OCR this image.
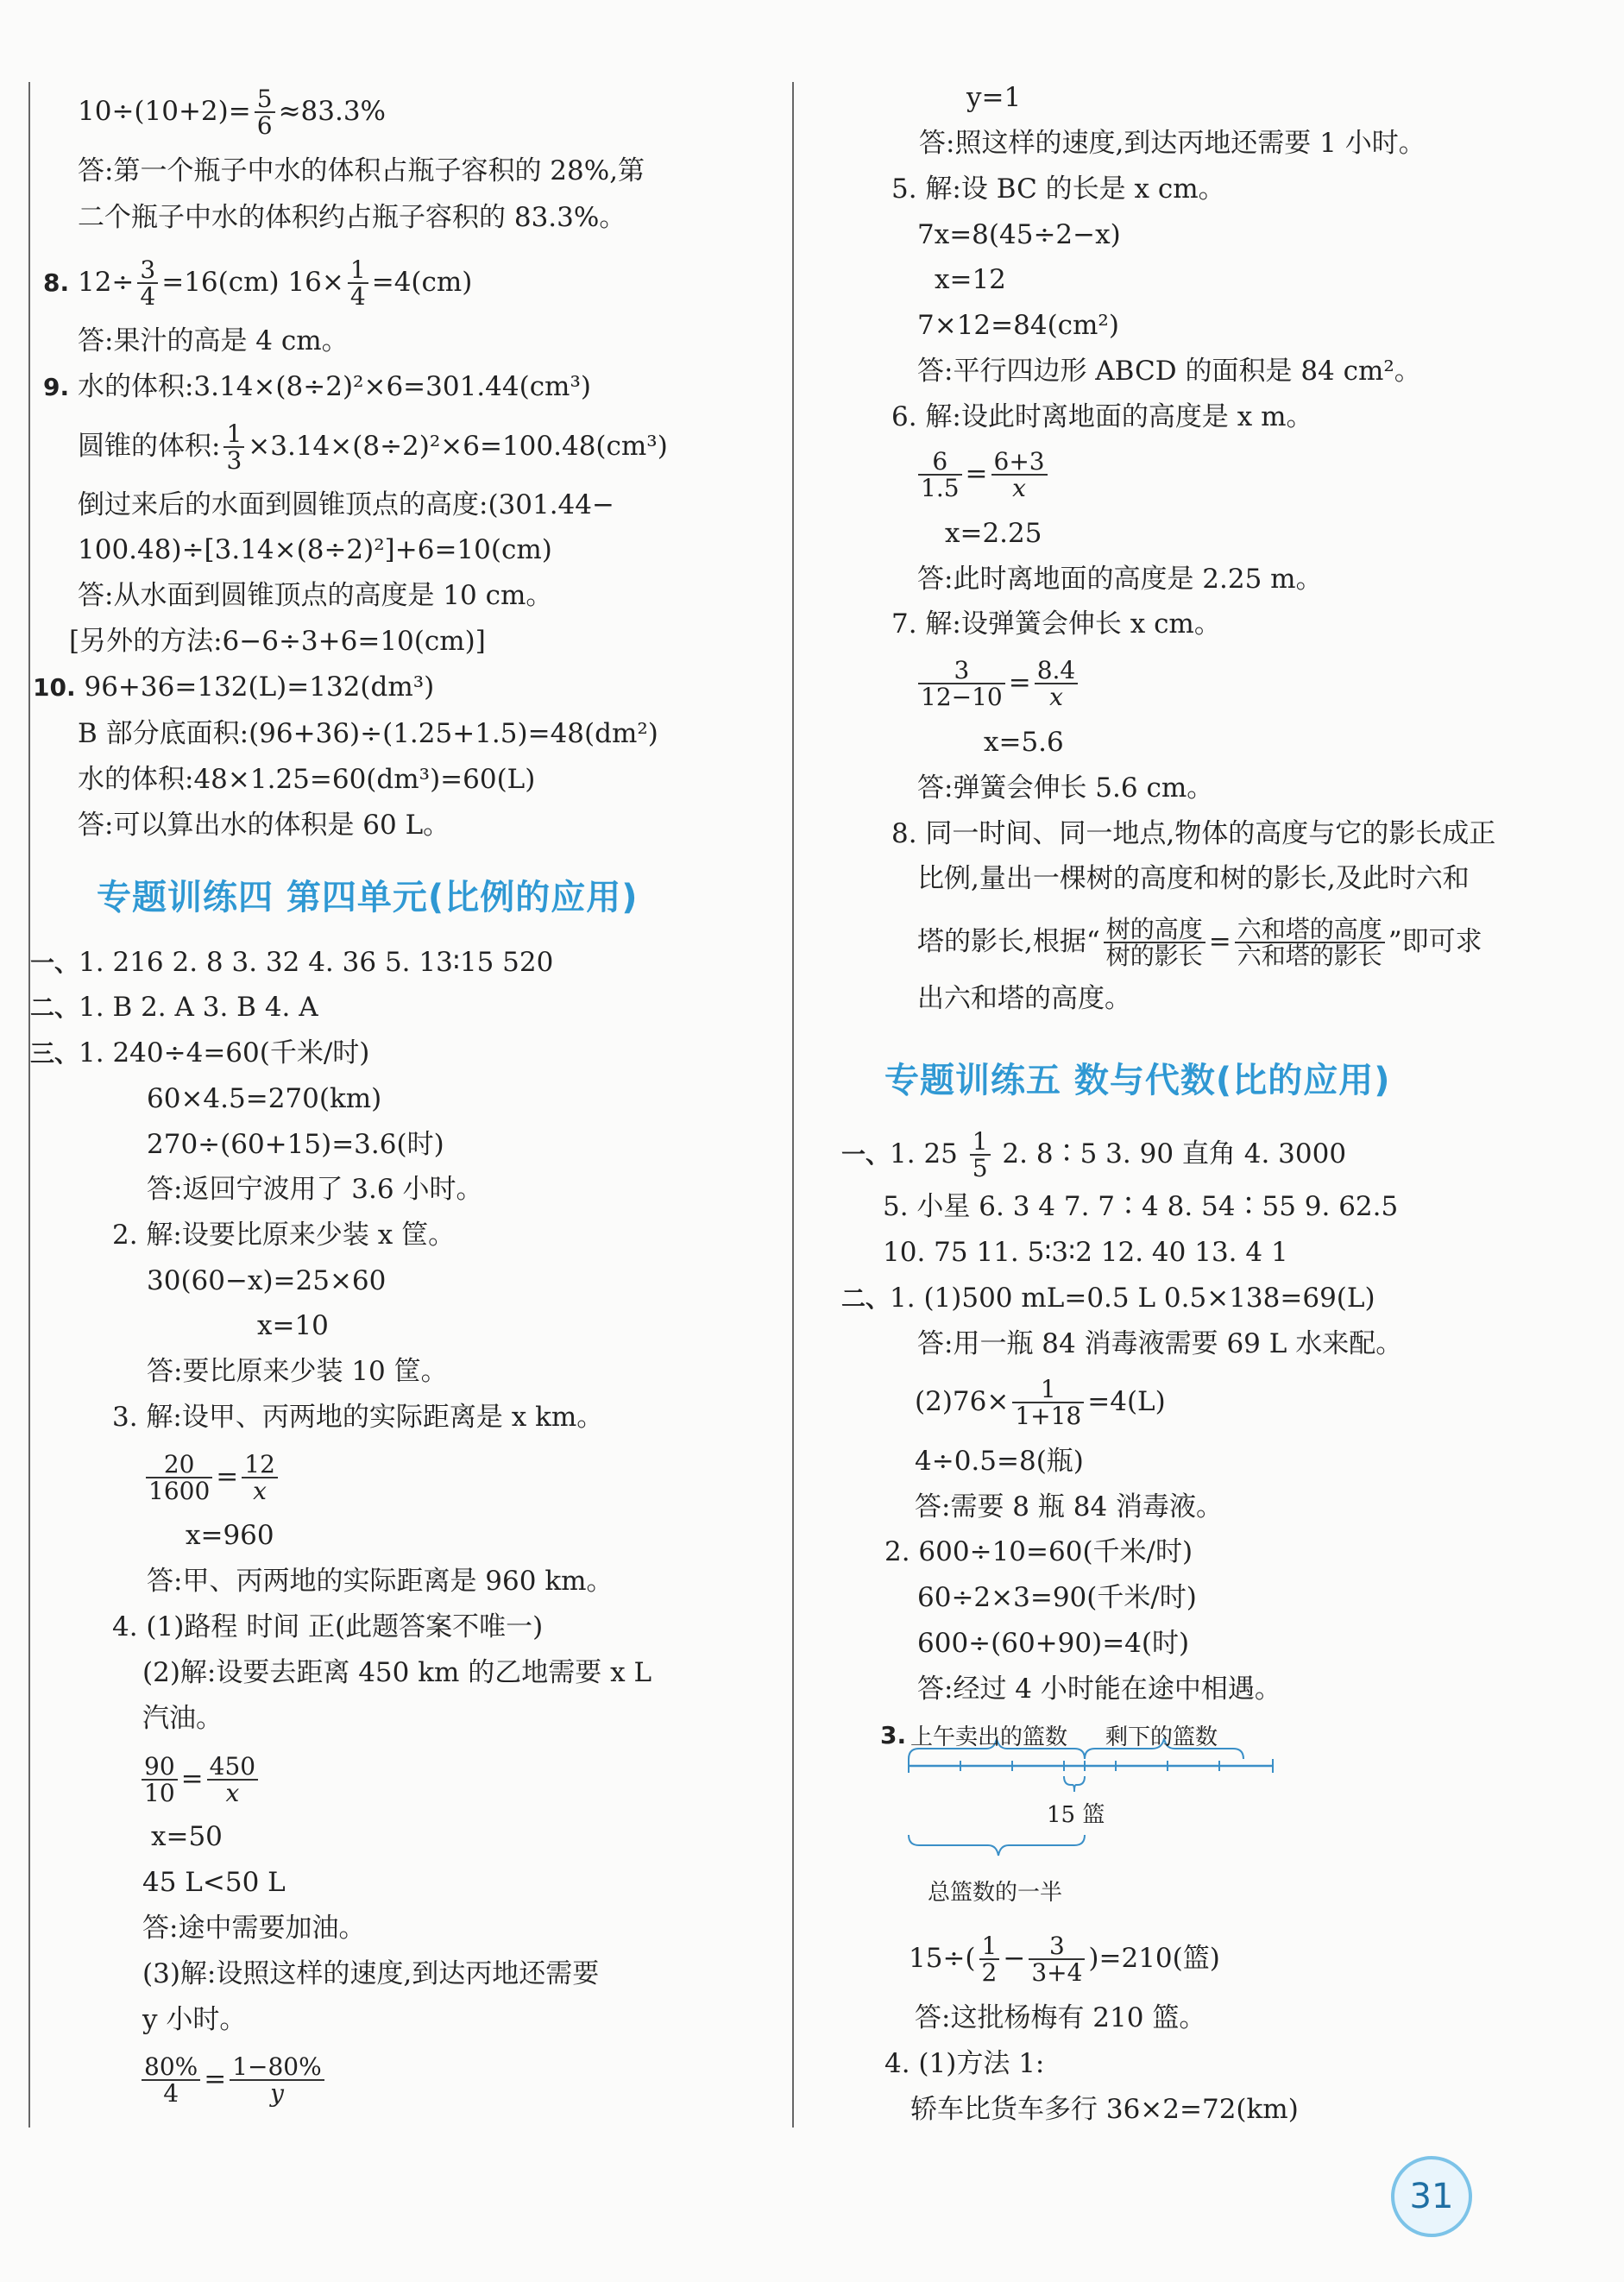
$10\div(10+2)= \frac{5}{6} \approx 83.3\%$
答:第一个瓶子中水的体积占瓶子容积的 28%,第
二个瓶子中水的体积约占瓶子容积的 83.3%。
8. $12\div \frac{3}{4} =16(cm)$ $16\times \frac{1}{4} =4(cm)$
答:果汁的高是 4 cm。
9. 水的体积:3.14×(8÷2)²×6=301.44(cm³)
圆锥的体积: $\frac{1}{3} \times 3.14\times(8\div 2)^2\times 6=100.48(cm^3)$
倒过来后的水面到圆锥顶点的高度:(301.44−
100.48)÷[3.14×(8÷2)²]+6=10(cm)
答:从水面到圆锥顶点的高度是 10 cm。
[另外的方法:6−6÷3+6=10(cm)]
10. 96+36=132(L)=132(dm³)
B 部分底面积:(96+36)÷(1.25+1.5)=48(dm²)
水的体积:48×1.25=60(dm³)=60(L)
答:可以算出水的体积是 60 L。
专题训练四 第四单元(比例的应用)
一、1. 216 2. 8 3. 32 4. 36 5. 13∶15 520
二、1. B 2. A 3. B 4. A
三、1. 240÷4=60(千米/时)
60×4.5=270(km)
270÷(60+15)=3.6(时)
答:返回宁波用了 3.6 小时。
2. 解:设要比原来少装 x 筐。
30(60−x)=25×60
x=10
答:要比原来少装 10 筐。
3. 解:设甲、丙两地的实际距离是 x km。
$\frac{20}{1600} = \frac{12}{x}$
x=960
答:甲、丙两地的实际距离是 960 km。
4. (1)路程 时间 正(此题答案不唯一)
(2)解:设要去距离 450 km 的乙地需要 x L
汽油。
$\frac{90}{10} = \frac{450}{x}$
x=50
45 L<50 L
答:途中需要加油。
(3)解:设照这样的速度,到达丙地还需要
y 小时。
$\frac{80\%}{4} = \frac{1-80\%}{y}$
y=1
答:照这样的速度,到达丙地还需要 1 小时。
5. 解:设 BC 的长是 x cm。
7x=8(45÷2−x)
x=12
7×12=84(cm²)
答:平行四边形 ABCD 的面积是 84 cm²。
6. 解:设此时离地面的高度是 x m。
$\frac{6}{1.5} = \frac{6+3}{x}$
x=2.25
答:此时离地面的高度是 2.25 m。
7. 解:设弹簧会伸长 x cm。
$\frac{3}{12-10} = \frac{8.4}{x}$
x=5.6
答:弹簧会伸长 5.6 cm。
8. 同一时间、同一地点,物体的高度与它的影长成正
比例,量出一棵树的高度和树的影长,及此时六和
塔的影长,根据“ $\frac{\text{树的高度}}{\text{树的影长}} = \frac{\text{六和塔的高度}}{\text{六和塔的影长}}$ ”即可求
出六和塔的高度。
专题训练五 数与代数(比的应用)
一、1. $25 \frac{1}{5} 2$. 8∶5 3. 90 直角 4. 3000
5. 小星 6. 3 4 7. 7∶4 8. 54∶55 9. 62.5
10. 75 11. 5∶3∶2 12. 40 13. 4 1
二、1. (1)500 mL=0.5 L 0.5×138=69(L)
答:用一瓶 84 消毒液需要 69 L 水来配。
$(2)76\times \frac{1}{1+18} =4(L)$
4÷0.5=8(瓶)
答:需要 8 瓶 84 消毒液。
2. 600÷10=60(千米/时)
60÷2×3=90(千米/时)
600÷(60+90)=4(时)
答:经过 4 小时能在途中相遇。
3. 上午卖出的篮数 剩下的篮数
15 篮
总篮数的一半
$15\div( \frac{1}{2} - \frac{3}{3+4} )=210$(篮)
答:这批杨梅有 210 篮。
4. (1)方法 1:
轿车比货车多行 36×2=72(km)
31
